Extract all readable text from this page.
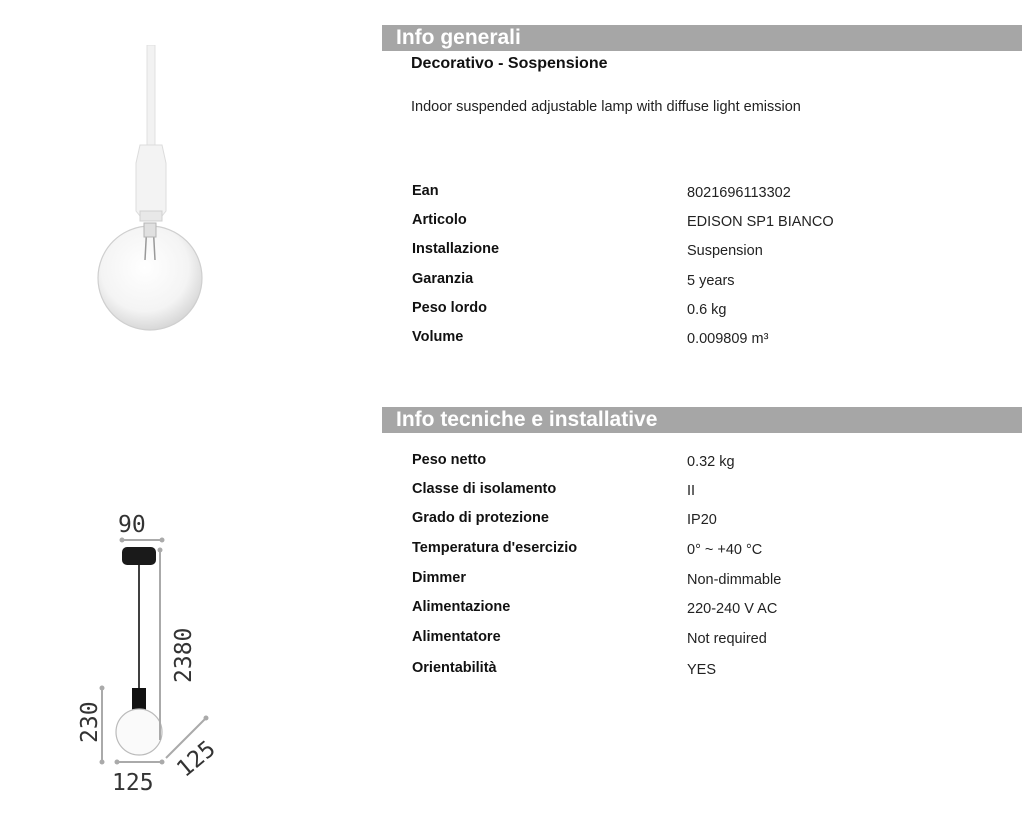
90
2380
230
125
125
Info generali
Decorativo - Sospensione
Indoor suspended adjustable lamp with diffuse light emission
Ean	8021696113302
Articolo	EDISON SP1 BIANCO
Installazione	Suspension
Garanzia	5 years
Peso lordo	0.6 kg
Volume	0.009809 m³
Info tecniche e installative
Peso netto	0.32 kg
Classe di isolamento	II
Grado di protezione	IP20
Temperatura d'esercizio	0° ~ +40 °C
Dimmer	Non-dimmable
Alimentazione	220-240 V AC
Alimentatore	Not required
Orientabilità	YES
